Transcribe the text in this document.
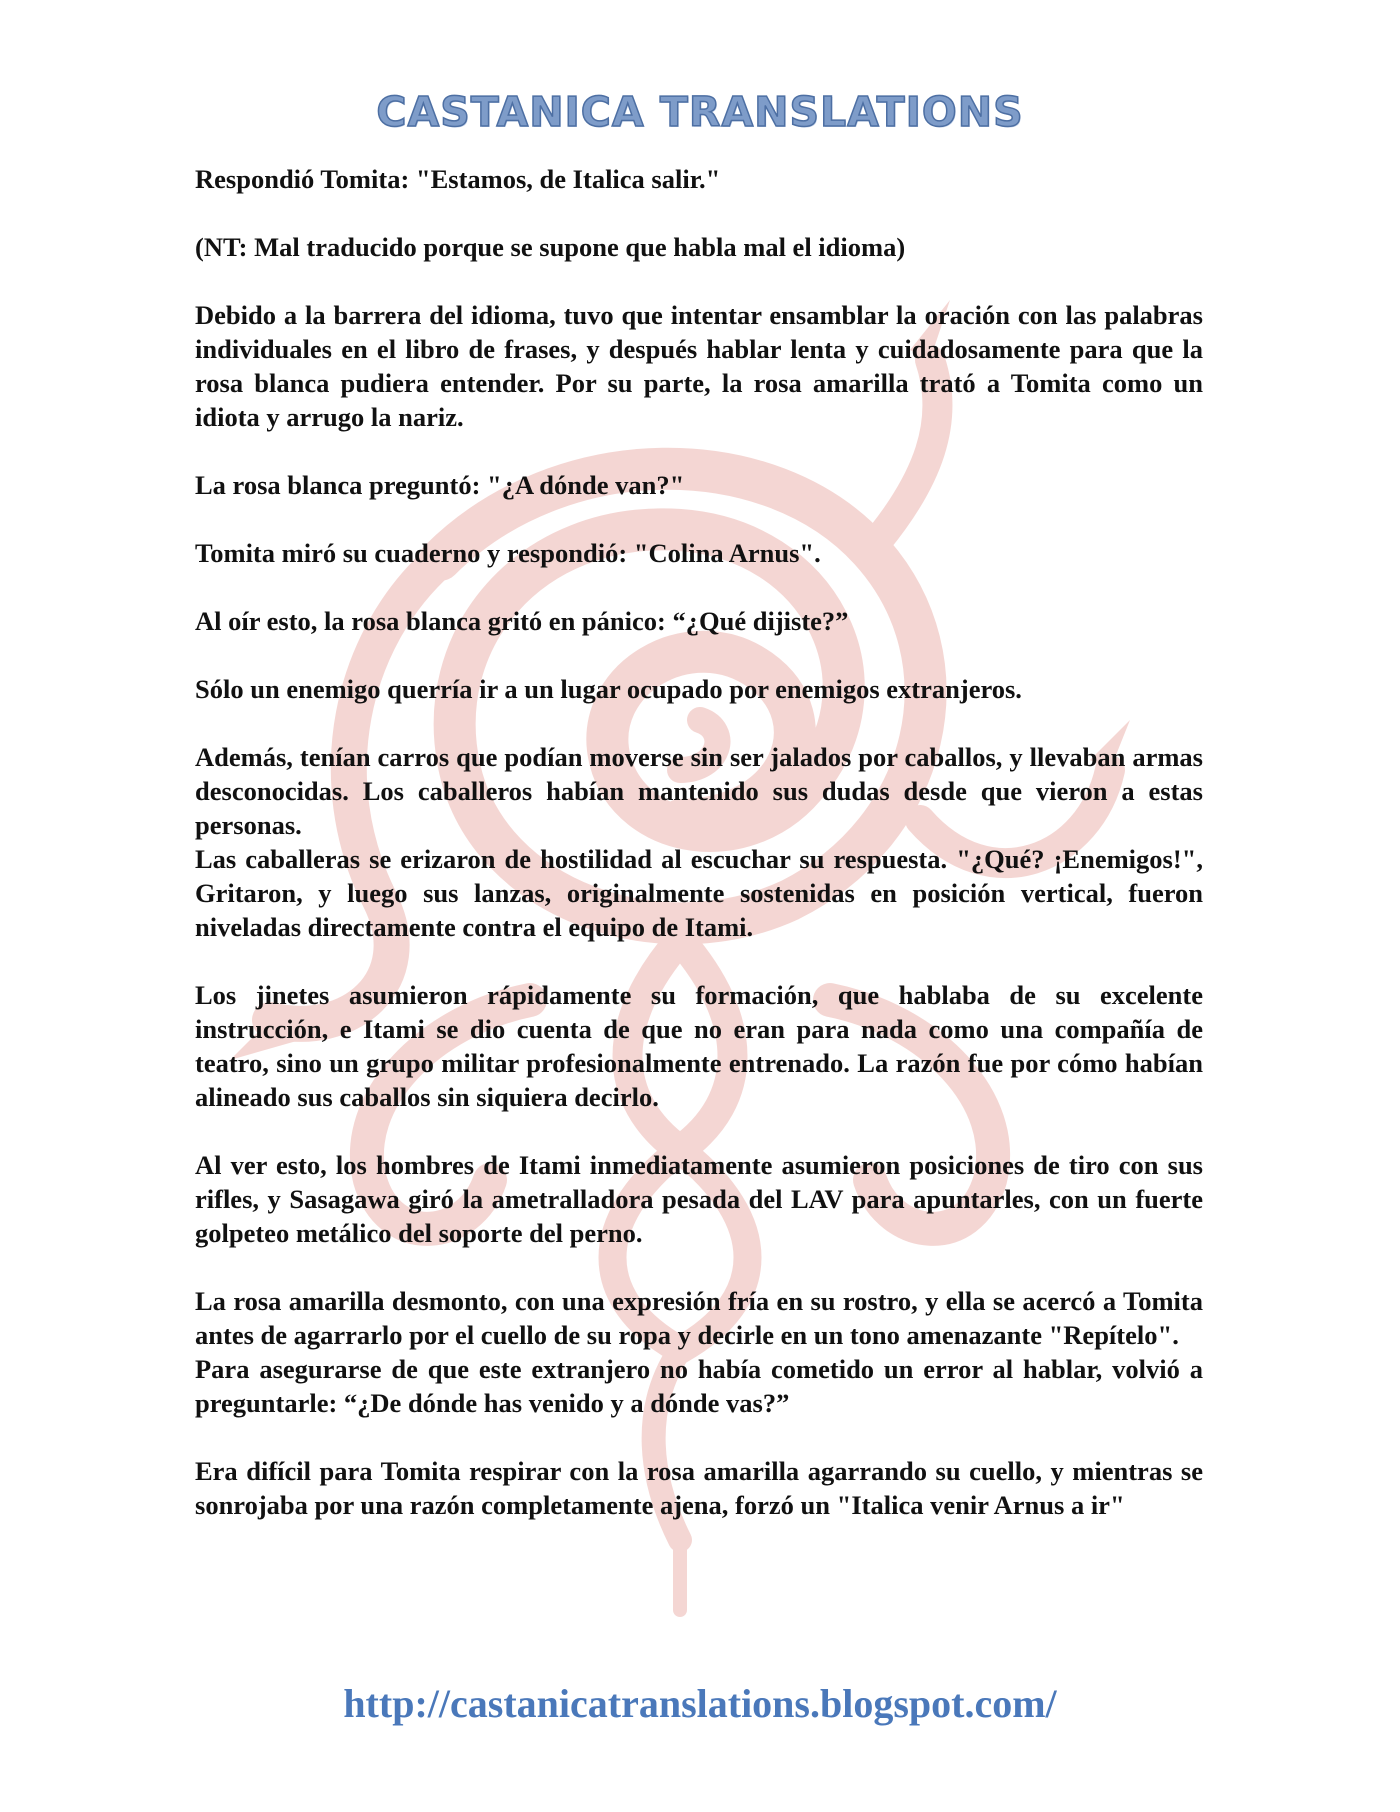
CASTANICA TRANSLATIONS

Respondió Tomita: "Estamos, de Italica salir."

(NT: Mal traducido porque se supone que habla mal el idioma)

Debido a la barrera del idioma, tuvo que intentar ensamblar la oración con las palabras individuales en el libro de frases, y después hablar lenta y cuidadosamente para que la rosa blanca pudiera entender. Por su parte, la rosa amarilla trató a Tomita como un idiota y arrugo la nariz.

La rosa blanca preguntó: "¿A dónde van?"

Tomita miró su cuaderno y respondió: "Colina Arnus".

Al oír esto, la rosa blanca gritó en pánico: “¿Qué dijiste?”

Sólo un enemigo querría ir a un lugar ocupado por enemigos extranjeros.

Además, tenían carros que podían moverse sin ser jalados por caballos, y llevaban armas desconocidas. Los caballeros habían mantenido sus dudas desde que vieron a estas personas.

Las caballeras se erizaron de hostilidad al escuchar su respuesta. "¿Qué? ¡Enemigos!", Gritaron, y luego sus lanzas, originalmente sostenidas en posición vertical, fueron niveladas directamente contra el equipo de Itami.

Los jinetes asumieron rápidamente su formación, que hablaba de su excelente instrucción, e Itami se dio cuenta de que no eran para nada como una compañía de teatro, sino un grupo militar profesionalmente entrenado. La razón fue por cómo habían alineado sus caballos sin siquiera decirlo.

Al ver esto, los hombres de Itami inmediatamente asumieron posiciones de tiro con sus rifles, y Sasagawa giró la ametralladora pesada del LAV para apuntarles, con un fuerte golpeteo metálico del soporte del perno.

La rosa amarilla desmonto, con una expresión fría en su rostro, y ella se acercó a Tomita antes de agarrarlo por el cuello de su ropa y decirle en un tono amenazante "Repítelo".

Para asegurarse de que este extranjero no había cometido un error al hablar, volvió a preguntarle: “¿De dónde has venido y a dónde vas?”

Era difícil para Tomita respirar con la rosa amarilla agarrando su cuello, y mientras se sonrojaba por una razón completamente ajena, forzó un "Italica venir Arnus a ir"

http://castanicatranslations.blogspot.com/
